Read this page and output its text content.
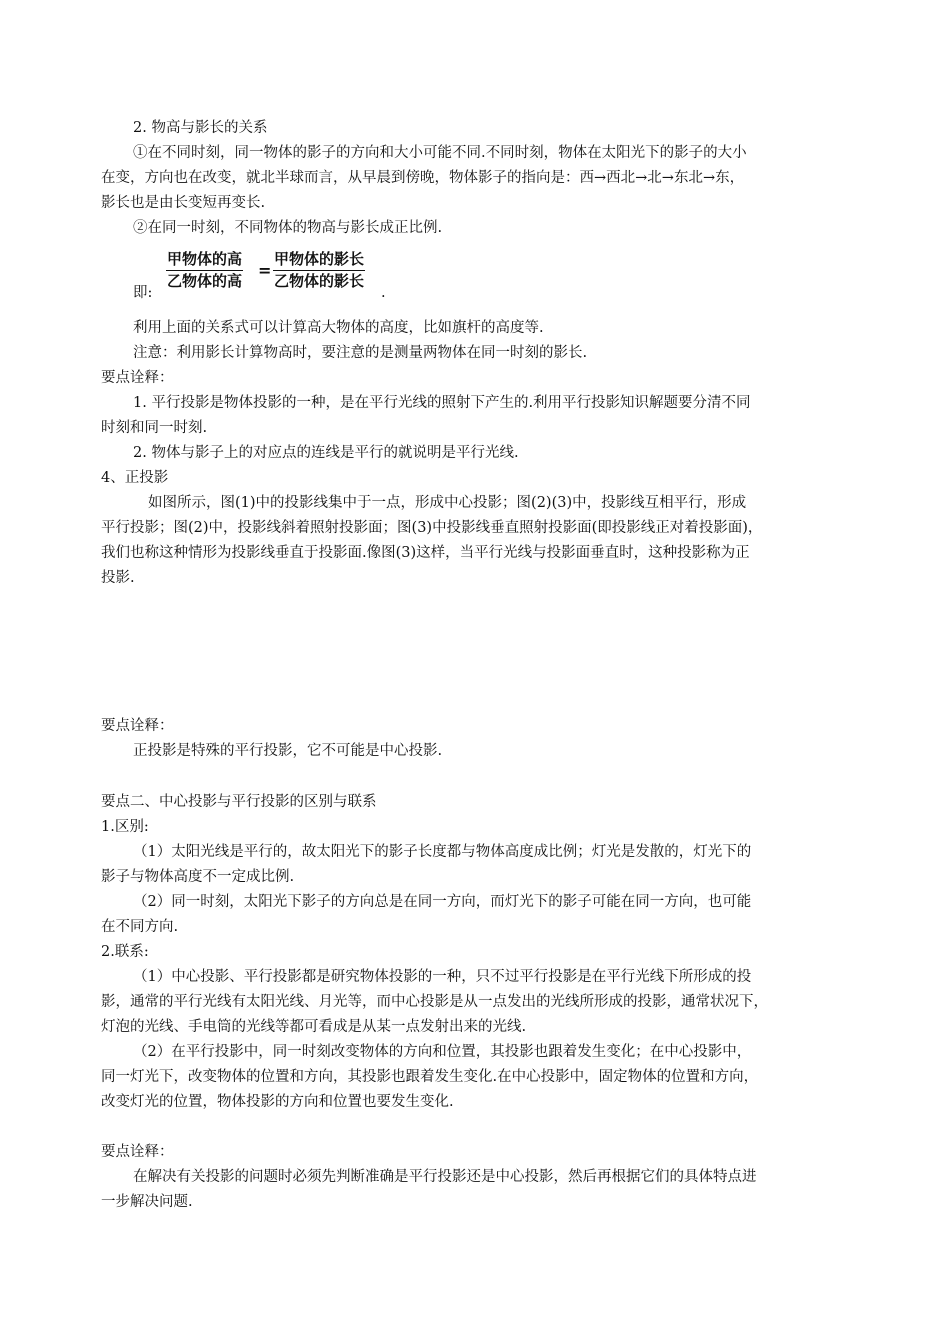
2. 物高与影长的关系
①在不同时刻，同一物体的影子的方向和大小可能不同.不同时刻，物体在太阳光下的影子的大小
在变，方向也在改变，就北半球而言，从早晨到傍晚，物体影子的指向是：西→西北→北→东北→东，
影长也是由长变短再变长.
②在同一时刻，不同物体的物高与影长成正比例.
即:
甲物体的高
乙物体的高
=
甲物体的影长
乙物体的影长
.
利用上面的关系式可以计算高大物体的高度，比如旗杆的高度等.
注意：利用影长计算物高时，要注意的是测量两物体在同一时刻的影长.
要点诠释：
1. 平行投影是物体投影的一种，是在平行光线的照射下产生的.利用平行投影知识解题要分清不同
时刻和同一时刻.
2. 物体与影子上的对应点的连线是平行的就说明是平行光线.
4、正投影
如图所示，图(1)中的投影线集中于一点，形成中心投影；图(2)(3)中，投影线互相平行，形成
平行投影；图(2)中，投影线斜着照射投影面；图(3)中投影线垂直照射投影面(即投影线正对着投影面)，
我们也称这种情形为投影线垂直于投影面.像图(3)这样，当平行光线与投影面垂直时，这种投影称为正
投影.
要点诠释：
正投影是特殊的平行投影，它不可能是中心投影.
要点二、中心投影与平行投影的区别与联系
1.区别:
（1）太阳光线是平行的，故太阳光下的影子长度都与物体高度成比例；灯光是发散的，灯光下的
影子与物体高度不一定成比例.
（2）同一时刻，太阳光下影子的方向总是在同一方向，而灯光下的影子可能在同一方向，也可能
在不同方向.
2.联系:
（1）中心投影、平行投影都是研究物体投影的一种，只不过平行投影是在平行光线下所形成的投
影，通常的平行光线有太阳光线、月光等，而中心投影是从一点发出的光线所形成的投影，通常状况下，
灯泡的光线、手电筒的光线等都可看成是从某一点发射出来的光线.
（2）在平行投影中，同一时刻改变物体的方向和位置，其投影也跟着发生变化；在中心投影中，
同一灯光下，改变物体的位置和方向，其投影也跟着发生变化.在中心投影中，固定物体的位置和方向，
改变灯光的位置，物体投影的方向和位置也要发生变化.
要点诠释：
在解决有关投影的问题时必须先判断准确是平行投影还是中心投影，然后再根据它们的具体特点进
一步解决问题.
